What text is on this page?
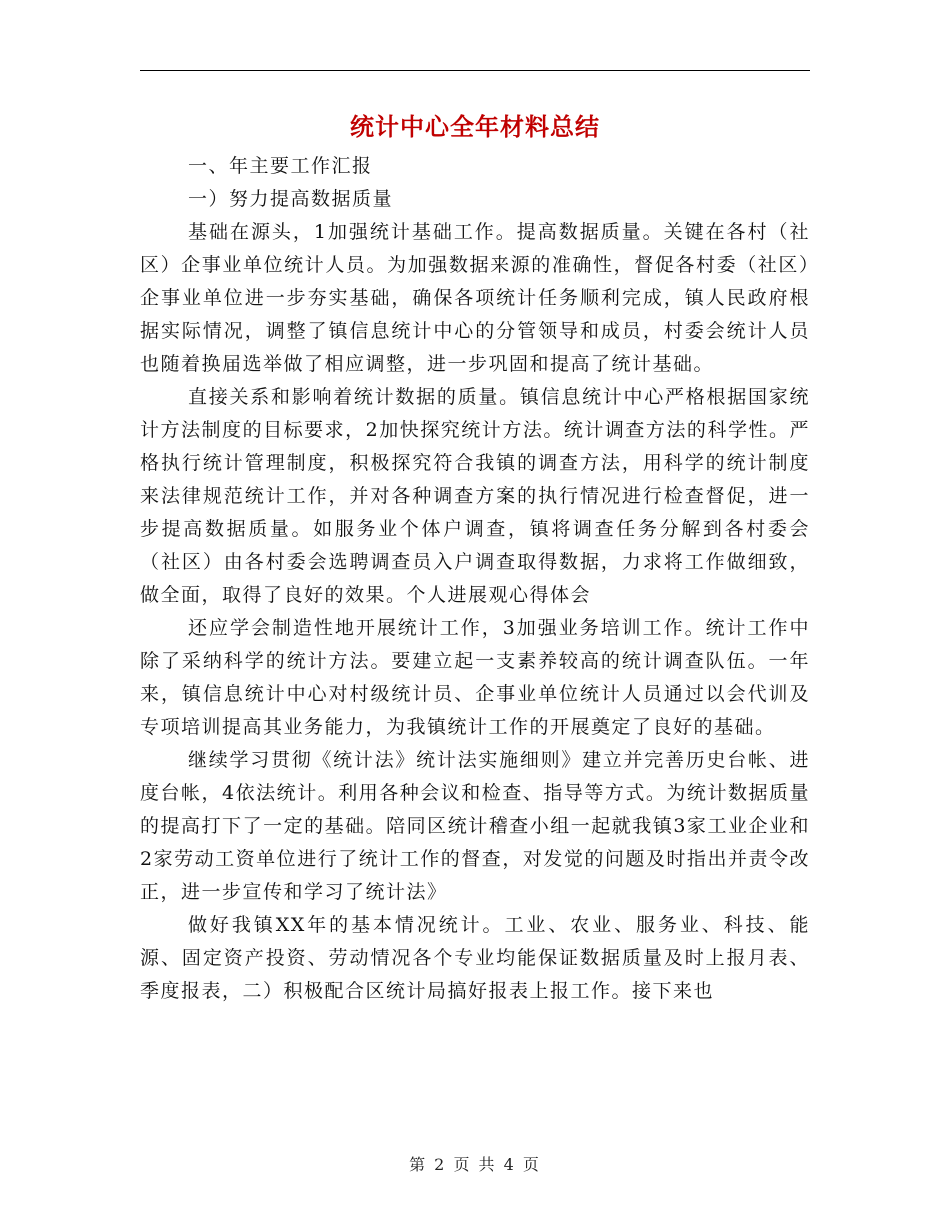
统计中心全年材料总结

一、年主要工作汇报

一）努力提高数据质量

基础在源头，1加强统计基础工作。提高数据质量。关键在各村（社区）企事业单位统计人员。为加强数据来源的准确性，督促各村委（社区）企事业单位进一步夯实基础，确保各项统计任务顺利完成，镇人民政府根据实际情况，调整了镇信息统计中心的分管领导和成员，村委会统计人员也随着换届选举做了相应调整，进一步巩固和提高了统计基础。

直接关系和影响着统计数据的质量。镇信息统计中心严格根据国家统计方法制度的目标要求，2加快探究统计方法。统计调查方法的科学性。严格执行统计管理制度，积极探究符合我镇的调查方法，用科学的统计制度来法律规范统计工作，并对各种调查方案的执行情况进行检查督促，进一步提高数据质量。如服务业个体户调查，镇将调查任务分解到各村委会（社区）由各村委会选聘调查员入户调查取得数据，力求将工作做细致，做全面，取得了良好的效果。个人进展观心得体会

还应学会制造性地开展统计工作，3加强业务培训工作。统计工作中除了采纳科学的统计方法。要建立起一支素养较高的统计调查队伍。一年来，镇信息统计中心对村级统计员、企事业单位统计人员通过以会代训及专项培训提高其业务能力，为我镇统计工作的开展奠定了良好的基础。

继续学习贯彻《统计法》统计法实施细则》建立并完善历史台帐、进度台帐，4依法统计。利用各种会议和检查、指导等方式。为统计数据质量的提高打下了一定的基础。陪同区统计稽查小组一起就我镇3家工业企业和2家劳动工资单位进行了统计工作的督查，对发觉的问题及时指出并责令改正，进一步宣传和学习了统计法》

做好我镇XX年的基本情况统计。工业、农业、服务业、科技、能源、固定资产投资、劳动情况各个专业均能保证数据质量及时上报月表、季度报表，二）积极配合区统计局搞好报表上报工作。接下来也

第 2 页 共 4 页
